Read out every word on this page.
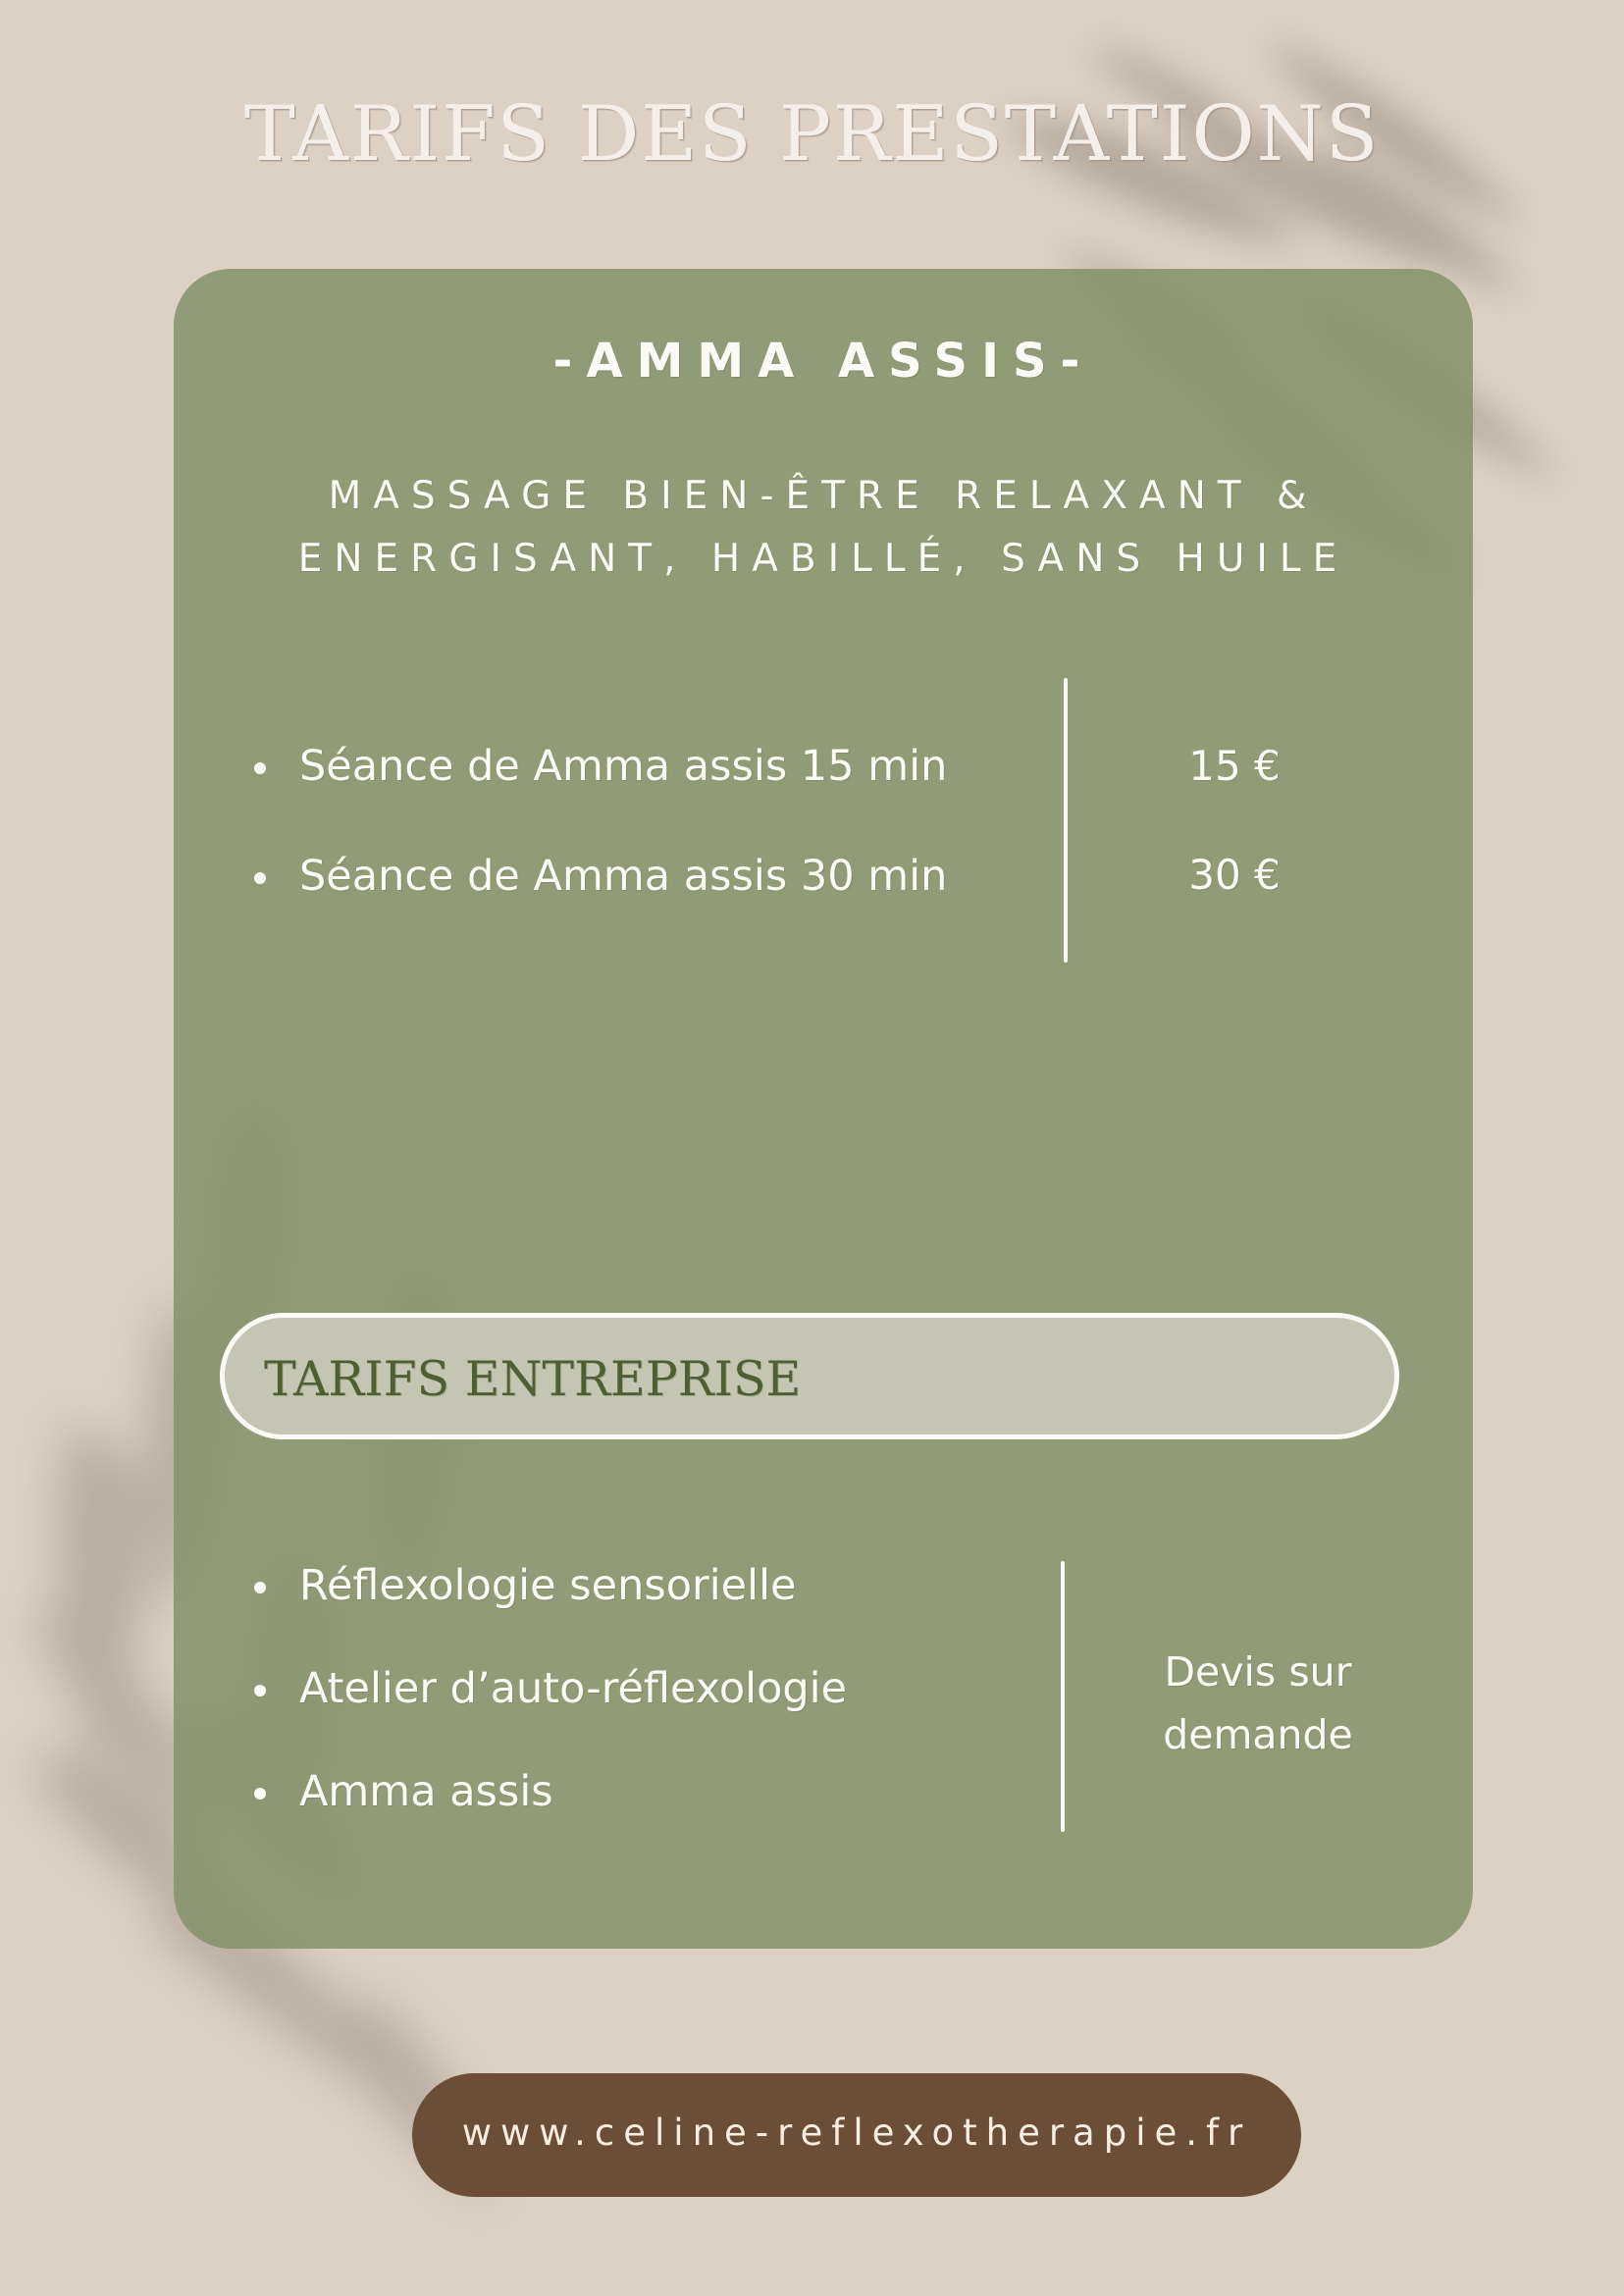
TARIFS DES PRESTATIONS
-AMMA ASSIS-

MASSAGE BIEN-ÊTRE RELAXANT &
ENERGISANT, HABILLÉ, SANS HUILE

Séance de Amma assis 15 min
Séance de Amma assis 30 min
15 €
30 €
TARIFS ENTREPRISE
Réflexologie sensorielle
Atelier d’auto-réflexologie
Amma assis

Devis sur
demande

www.celine-reflexotherapie.fr
